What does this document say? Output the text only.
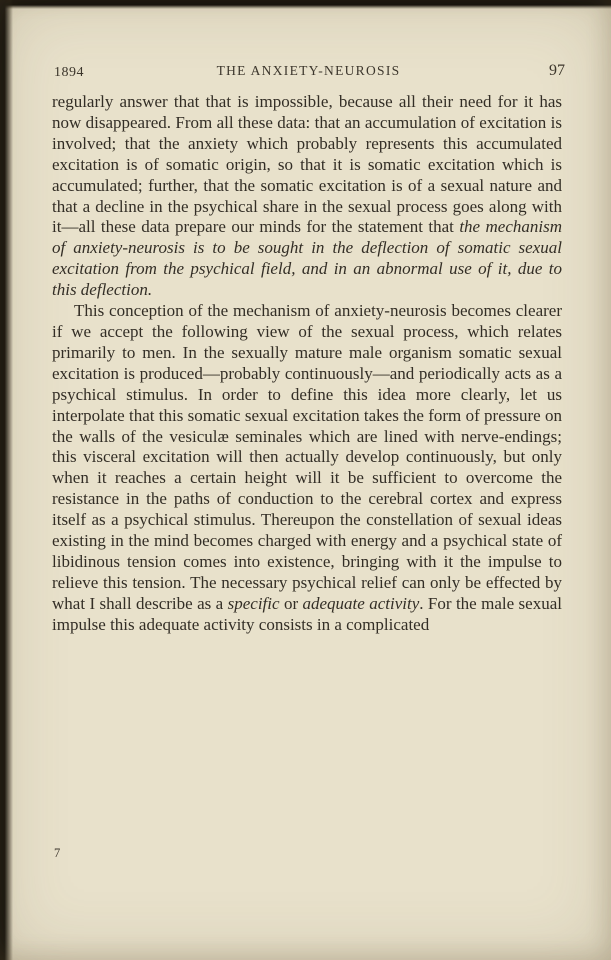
1894	THE ANXIETY-NEUROSIS	97

regularly answer that that is impossible, because all their need for it has now disappeared. From all these data: that an accumulation of excitation is involved; that the anxiety which probably represents this accumulated excitation is of somatic origin, so that it is somatic excitation which is accumulated; further, that the somatic excitation is of a sexual nature and that a decline in the psychical share in the sexual process goes along with it—all these data prepare our minds for the statement that the mechanism of anxiety-neurosis is to be sought in the deflection of somatic sexual excitation from the psychical field, and in an abnormal use of it, due to this deflection.

This conception of the mechanism of anxiety-neurosis becomes clearer if we accept the following view of the sexual process, which relates primarily to men. In the sexually mature male organism somatic sexual excitation is produced—probably continuously—and periodically acts as a psychical stimulus. In order to define this idea more clearly, let us interpolate that this somatic sexual excitation takes the form of pressure on the walls of the vesiculæ seminales which are lined with nerve-endings; this visceral excitation will then actually develop continuously, but only when it reaches a certain height will it be sufficient to overcome the resistance in the paths of conduction to the cerebral cortex and express itself as a psychical stimulus. Thereupon the constellation of sexual ideas existing in the mind becomes charged with energy and a psychical state of libidinous tension comes into existence, bringing with it the impulse to relieve this tension. The necessary psychical relief can only be effected by what I shall describe as a specific or adequate activity. For the male sexual impulse this adequate activity consists in a complicated

7
